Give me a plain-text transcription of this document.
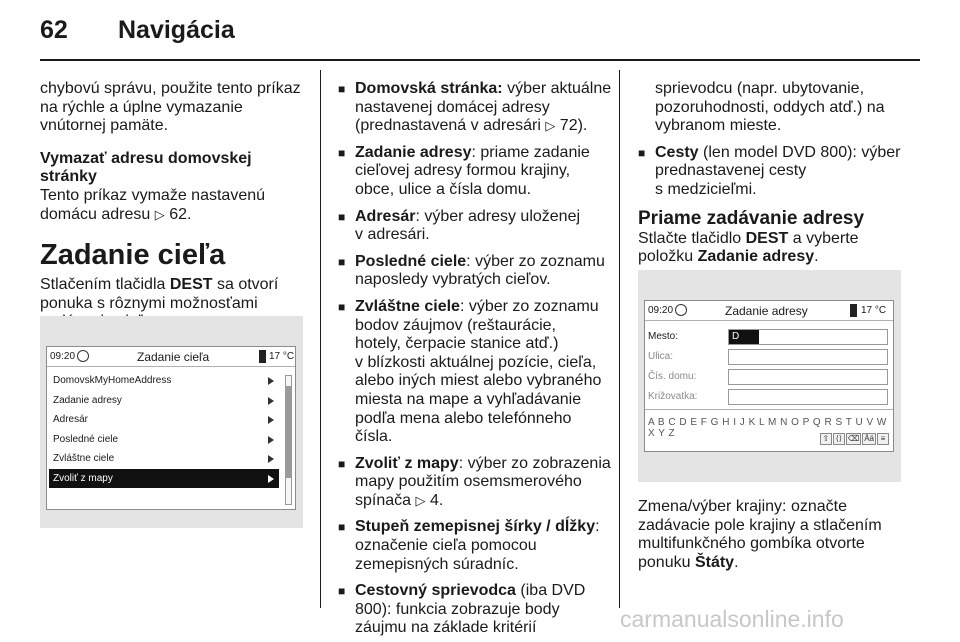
62 Navigácia

chybovú správu, použite tento príkaz

na rýchle a úplne vymazanie

vnútornej pamäte.

Vymazať adresu domovskej stránky

Tento príkaz vymaže nastavenú

domácu adresu ▷ 62.

Zadanie cieľa

Stlačením tlačidla DEST sa otvorí

ponuka s rôznymi možnosťami

09:20	Zadanie cieľa	17 °C
DomovskMyHomeAddress
Zadanie adresy
Adresár
Posledné ciele
Zvláštne ciele
Zvoliť z mapy
■ Domovská stránka: výber aktuálne
nastavenej domácej adresy
(prednastavená v adresári ▷ 72).
■ Zadanie adresy: priame zadanie
cieľovej adresy formou krajiny,
obce, ulice a čísla domu.
■ Adresár: výber adresy uloženej
v adresári.
■ Posledné ciele: výber zo zoznamu
naposledy vybratých cieľov.
■ Zvláštne ciele: výber zo zoznamu
bodov záujmov (reštaurácie,
hotely, čerpacie stanice atď.)
v blízkosti aktuálnej pozície, cieľa,
alebo iných miest alebo vybraného
miesta na mape a vyhľadávanie
podľa mena alebo telefónneho
čísla.
■ Zvoliť z mapy: výber zo zobrazenia
mapy použitím osemsmerového
spínača ▷ 4.
■ Stupeň zemepisnej šírky / dĺžky:
označenie cieľa pomocou
zemepisných súradníc.
■ Cestovný sprievodca (iba DVD
800): funkcia zobrazuje body
záujmu na základe kritérií

sprievodcu (napr. ubytovanie,

pozoruhodnosti, oddych atď.) na

vybranom mieste.

■ Cesty (len model DVD 800): výber
prednastavenej cesty
s medzicieľmi.

Priame zadávanie adresy

Stlačte tlačidlo DEST a vyberte

položku Zadanie adresy.

09:20	Zadanie adresy	17 °C
Mesto:	D
Ulica:
Čís. domu:
Križovatka:
A B C D E F G H I J K L M N O P Q R S T U V W X Y Z	⇧ ⟨⟩ ⌫ Ää ≡

Zmena/výber krajiny: označte

zadávacie pole krajiny a stlačením

multifunkčného gombíka otvorte

ponuku Štáty.

carmanualsonline.info
